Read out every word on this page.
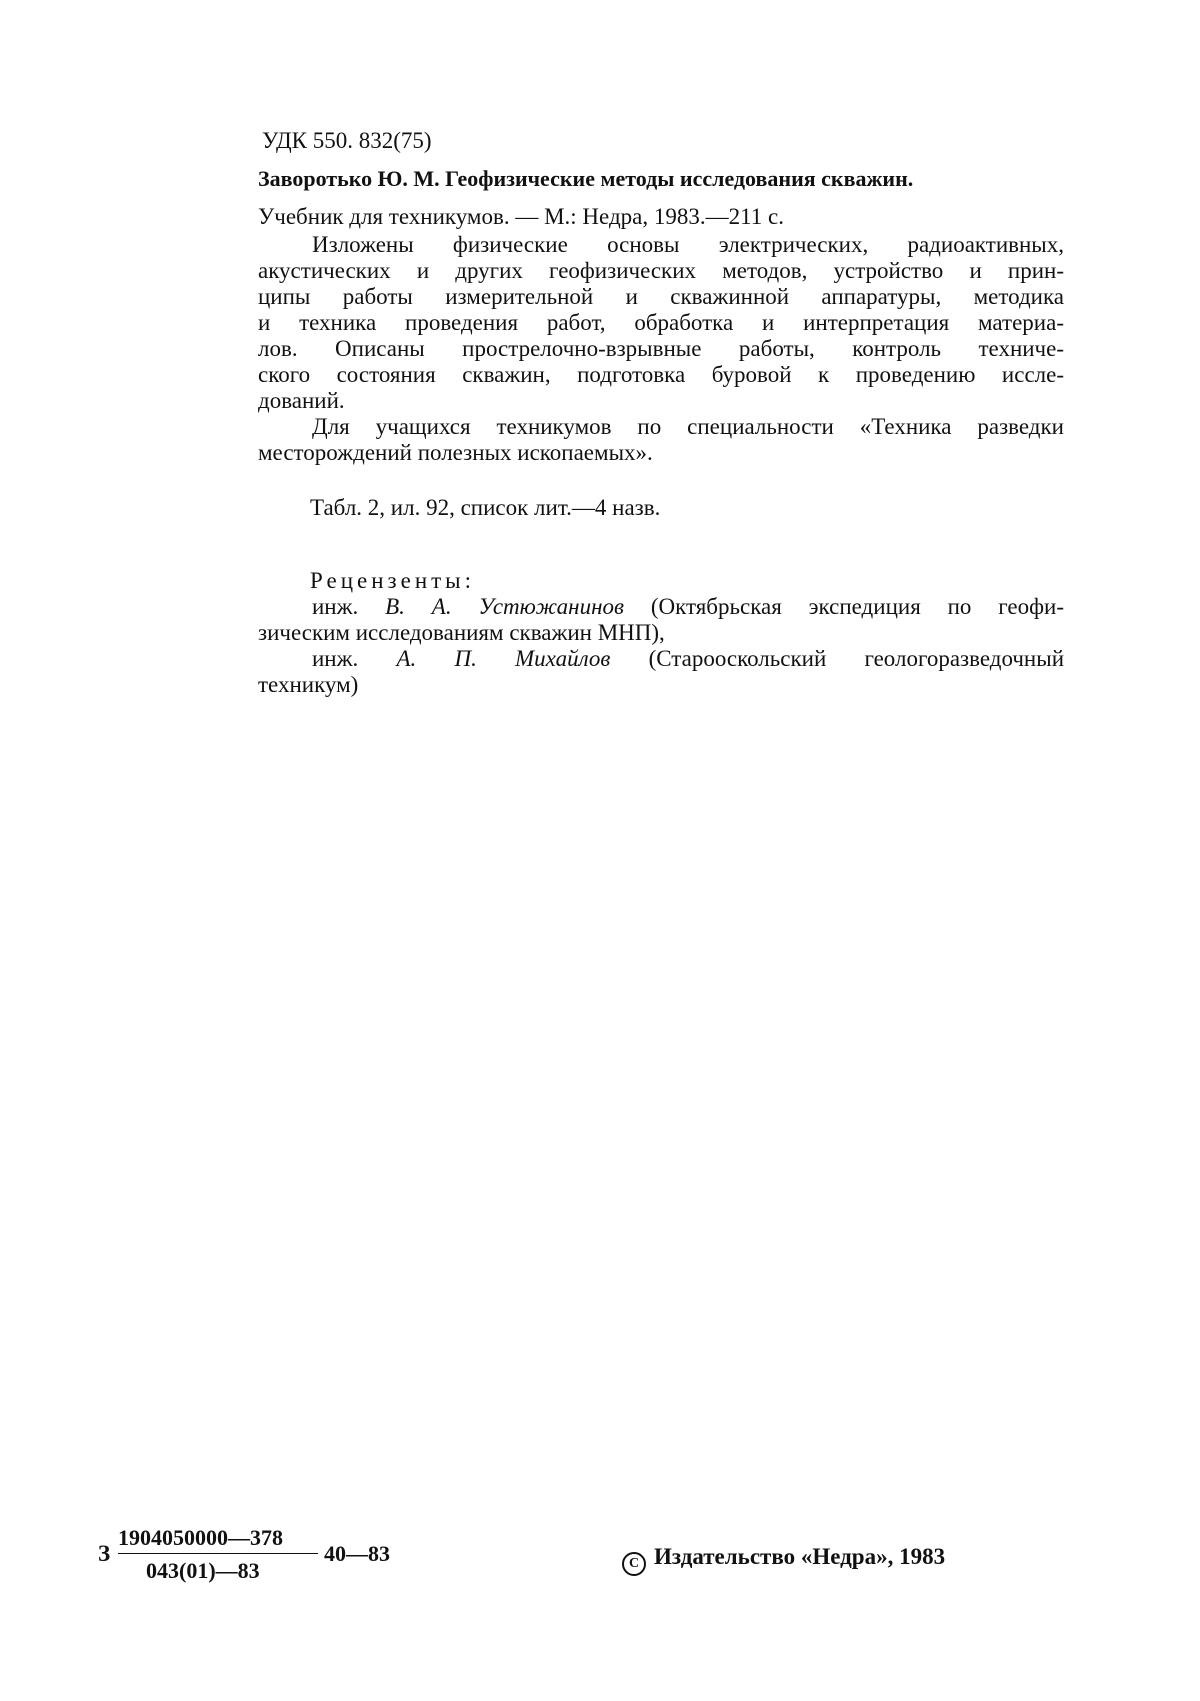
УДК 550. 832(75)
Заворотько Ю. М. Геофизические методы исследования скважин.
Учебник для техникумов. — М.: Недра, 1983.—211 с.
Изложены физические основы электрических, радиоактивных,
акустических и других геофизических методов, устройство и прин-
ципы работы измерительной и скважинной аппаратуры, методика
и техника проведения работ, обработка и интерпретация материа-
лов. Описаны прострелочно-взрывные работы, контроль техниче-
ского состояния скважин, подготовка буровой к проведению иссле-
дований.
Для учащихся техникумов по специальности «Техника разведки
месторождений полезных ископаемых».
Табл. 2, ил. 92, список лит.—4 назв.
Рецензенты:
инж. В. А. Устюжанинов (Октябрьская экспедиция по геофи-
зическим исследованиям скважин МНП),
инж. А. П. Михайлов (Старооскольский геологоразведочный
техникум)
З
1904050000—378
043(01)—83
40—83	C Издательство «Недра», 1983
